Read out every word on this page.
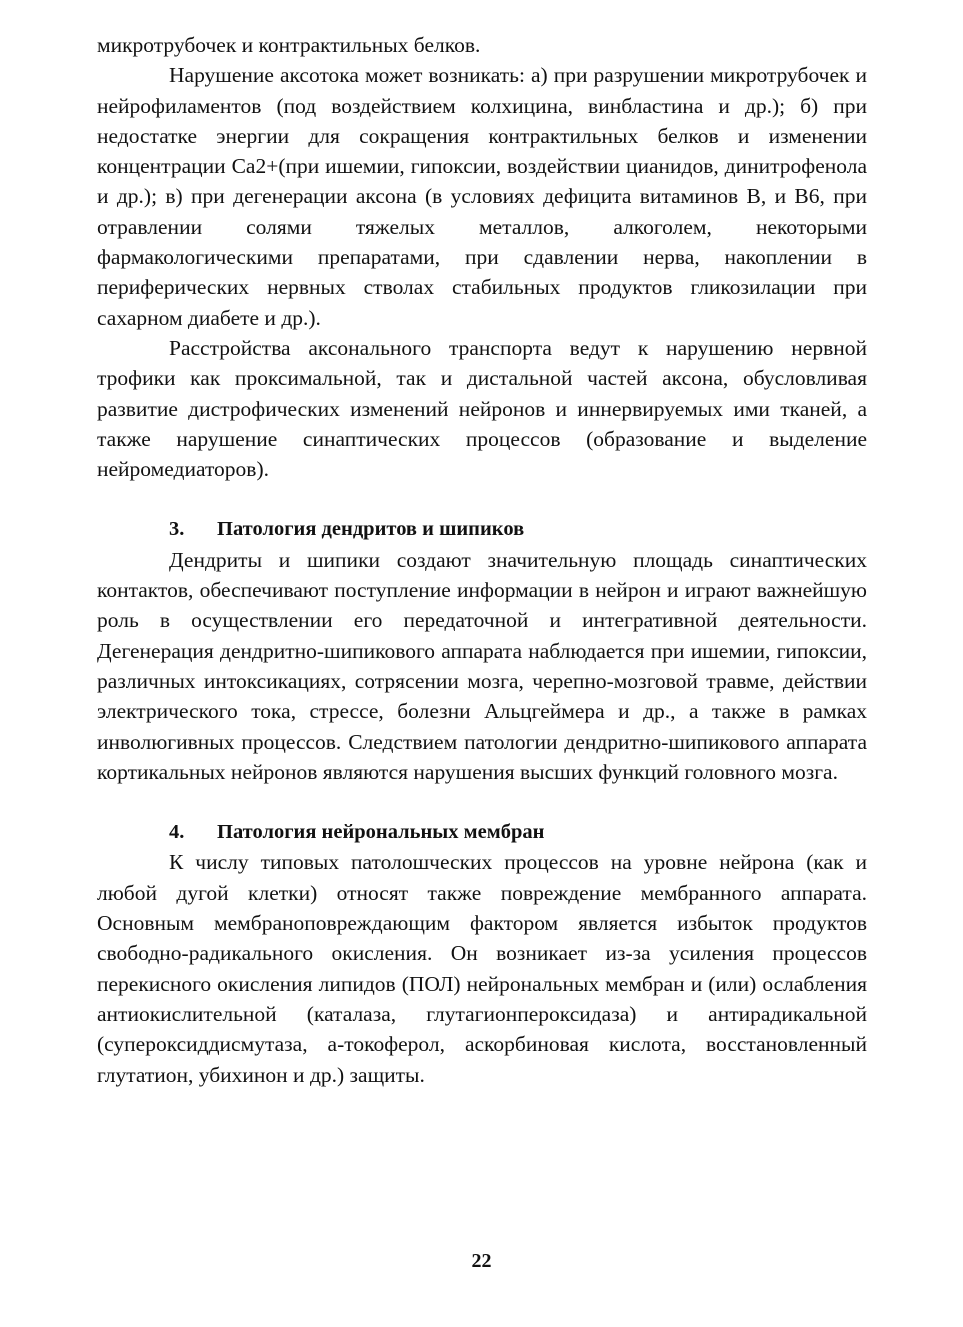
микротрубочек и контрактильных белков.

Нарушение аксотока может возникать: а) при разрушении микротрубочек и нейрофиламентов (под воздействием колхицина, винбластина и др.); б) при недостатке энергии для сокращения контрактильных белков и изменении концентрации Са2+(при ишемии, гипоксии, воздействии цианидов, динитрофенола и др.); в) при дегенерации аксона (в условиях дефицита витаминов В, и В6, при отравлении солями тяжелых металлов, алкоголем, некоторыми фармакологическими препаратами, при сдавлении нерва, накоплении в периферических нервных стволах стабильных продуктов гликозилации при сахарном диабете и др.).

Расстройства аксонального транспорта ведут к нарушению нервной трофики как проксимальной, так и дистальной частей аксона, обусловливая развитие дистрофических изменений нейронов и иннервируемых ими тканей, а также нарушение синаптических процессов (образование и выделение нейромедиаторов).

3. Патология дендритов и шипиков

Дендриты и шипики создают значительную площадь синаптических контактов, обеспечивают поступление информации в нейрон и играют важнейшую роль в осуществлении его передаточной и интегративной деятельности. Дегенерация дендритно-шипикового аппарата наблюдается при ишемии, гипоксии, различных интоксикациях, сотрясении мозга, черепно-мозговой травме, действии электрического тока, стрессе, болезни Альцгеймера и др., а также в рамках инволюгивных процессов. Следствием патологии дендритно-шипикового аппарата кортикальных нейронов являются нарушения высших функций головного мозга.

4. Патология нейрональных мембран

К числу типовых патолошческих процессов на уровне нейрона (как и любой дугой клетки) относят также повреждение мембранного аппарата. Основным мембраноповреждающим фактором является избыток продуктов свободно-радикального окисления. Он возникает из-за усиления процессов перекисного окисления липидов (ПОЛ) нейрональных мембран и (или) ослабления антиокислительной (каталаза, глутагионпероксидаза) и антирадикальной (супероксиддисмутаза, а-токоферол, аскорбиновая кислота, восстановленный глутатион, убихинон и др.) защиты.

22
